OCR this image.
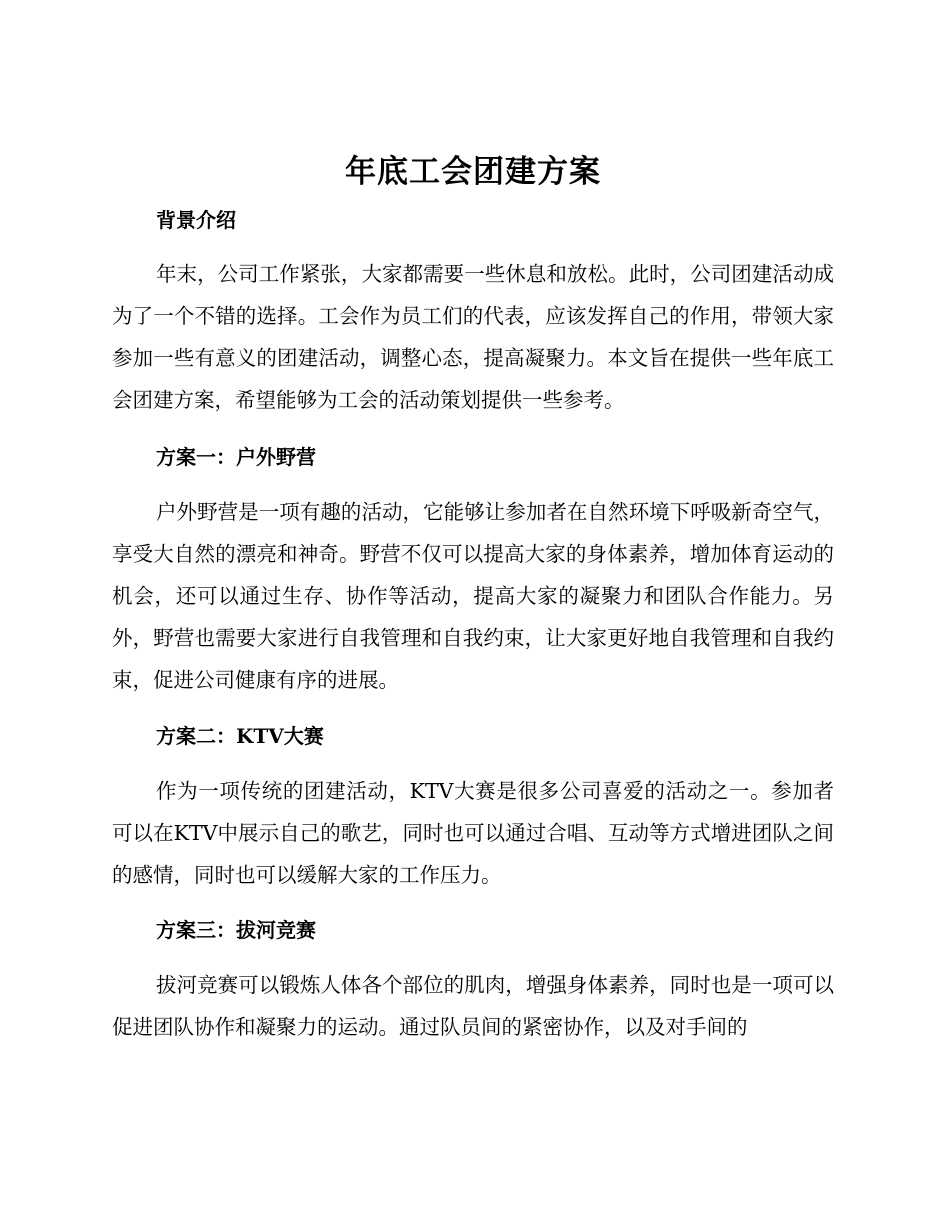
年底工会团建方案
背景介绍

年末，公司工作紧张，大家都需要一些休息和放松。此时，公司团建活动成为了一个不错的选择。工会作为员工们的代表，应该发挥自己的作用，带领大家参加一些有意义的团建活动，调整心态，提高凝聚力。本文旨在提供一些年底工会团建方案，希望能够为工会的活动策划提供一些参考。

方案一：户外野营

户外野营是一项有趣的活动，它能够让参加者在自然环境下呼吸新奇空气，享受大自然的漂亮和神奇。野营不仅可以提高大家的身体素养，增加体育运动的机会，还可以通过生存、协作等活动，提高大家的凝聚力和团队合作能力。另外，野营也需要大家进行自我管理和自我约束，让大家更好地自我管理和自我约束，促进公司健康有序的进展。

方案二：KTV大赛

作为一项传统的团建活动，KTV大赛是很多公司喜爱的活动之一。参加者可以在KTV中展示自己的歌艺，同时也可以通过合唱、互动等方式增进团队之间的感情，同时也可以缓解大家的工作压力。

方案三：拔河竞赛

拔河竞赛可以锻炼人体各个部位的肌肉，增强身体素养，同时也是一项可以促进团队协作和凝聚力的运动。通过队员间的紧密协作，以及对手间的
